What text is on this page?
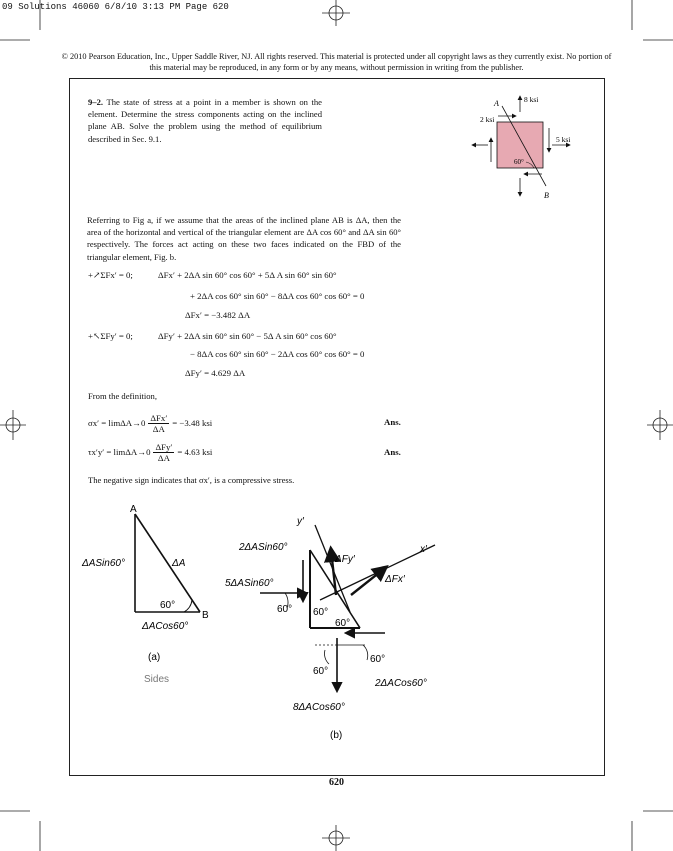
09 Solutions 46060 6/8/10 3:13 PM Page 620
© 2010 Pearson Education, Inc., Upper Saddle River, NJ. All rights reserved. This material is protected under all copyright laws as they currently exist. No portion of this material may be reproduced, in any form or by any means, without permission in writing from the publisher.
9–2. The state of stress at a point in a member is shown on the element. Determine the stress components acting on the inclined plane AB. Solve the problem using the method of equilibrium described in Sec. 9.1.
A
B
8 ksi
2 ksi
5 ksi
60°
Referring to Fig a, if we assume that the areas of the inclined plane AB is ΔA, then the area of the horizontal and vertical of the triangular element are ΔA cos 60° and ΔA sin 60° respectively. The forces act acting on these two faces indicated on the FBD of the triangular element, Fig. b.
+↗ΣFx′ = 0;	ΔFx′ + 2ΔA sin 60° cos 60° + 5Δ A sin 60° sin 60°
+ 2ΔA cos 60° sin 60° − 8ΔA cos 60° cos 60° = 0
ΔFx′ = −3.482 ΔA
+↖ΣFy′ = 0;	ΔFy′ + 2ΔA sin 60° sin 60° − 5Δ A sin 60° cos 60°
− 8ΔA cos 60° sin 60° − 2ΔA cos 60° cos 60° = 0
ΔFy′ = 4.629 ΔA
From the definition,
$\sigma x' = \lim\Delta A\to 0 \frac{\text{ΔFx′}}{\Delta A} = -3.48$ ksi	Ans.
$\tau x'y' = \lim\Delta A\to 0 \frac{\text{ΔFy′}}{\Delta A} = 4.63$ ksi	Ans.
The negative sign indicates that σx′, is a compressive stress.
A
B
ΔASin60°	ΔA
60°
ΔACos60°
(a)
Sides
y′
x′
2ΔASin60°
5ΔASin60°
ΔFy′
ΔFx′
60° 60°
60°
60°
60°
2ΔACos60°
8ΔACos60°
(b)
620
